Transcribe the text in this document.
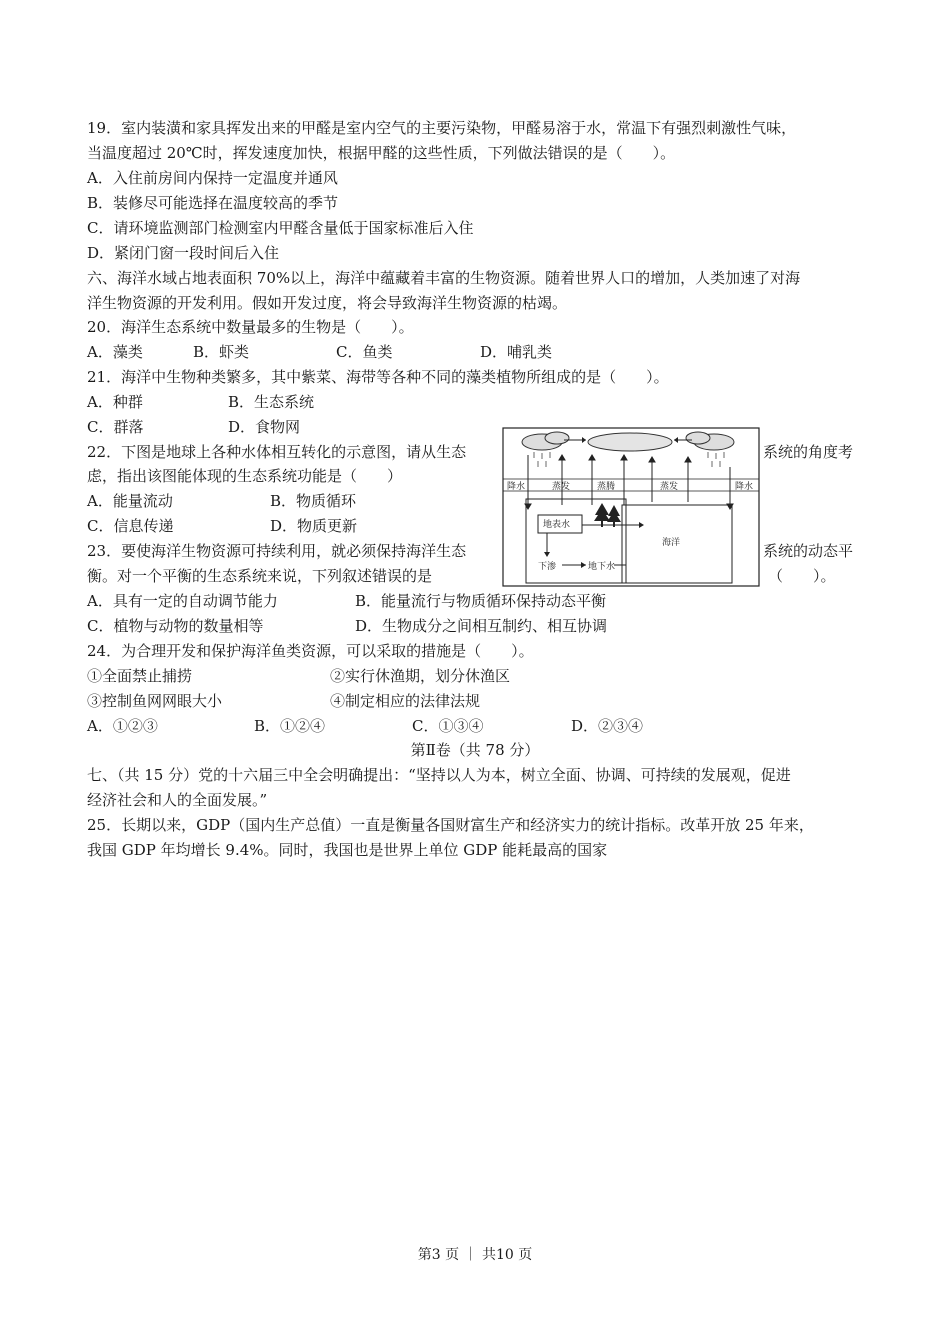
19．室内装潢和家具挥发出来的甲醛是室内空气的主要污染物，甲醛易溶于水，常温下有强烈刺激性气味，
当温度超过 20℃时，挥发速度加快，根据甲醛的这些性质，下列做法错误的是（　　）。
A．入住前房间内保持一定温度并通风
B．装修尽可能选择在温度较高的季节
C．请环境监测部门检测室内甲醛含量低于国家标准后入住
D．紧闭门窗一段时间后入住
六、海洋水域占地表面积 70%以上，海洋中蕴藏着丰富的生物资源。随着世界人口的增加，人类加速了对海
洋生物资源的开发利用。假如开发过度，将会导致海洋生物资源的枯竭。
20．海洋生态系统中数量最多的生物是（　　）。
A．藻类	B．虾类	C．鱼类	D．哺乳类
21．海洋中生物种类繁多，其中紫菜、海带等各种不同的藻类植物所组成的是（　　）。
A．种群	B．生态系统
C．群落	D．食物网
22．下图是地球上各种水体相互转化的示意图，请从生态	系统的角度考
虑，指出该图能体现的生态系统功能是（　　）
A．能量流动	B．物质循环
C．信息传递	D．物质更新
降水	蒸发	蒸腾	蒸发	降水
地表水
下渗	地下水
海洋
23．要使海洋生物资源可持续利用，就必须保持海洋生态	系统的动态平
衡。对一个平衡的生态系统来说，下列叙述错误的是	（　　）。
A．具有一定的自动调节能力	B．能量流行与物质循环保持动态平衡
C．植物与动物的数量相等	D．生物成分之间相互制约、相互协调
24．为合理开发和保护海洋鱼类资源，可以采取的措施是（　　）。
①全面禁止捕捞	②实行休渔期，划分休渔区
③控制鱼网网眼大小	④制定相应的法律法规
A．①②③	B．①②④	C．①③④	D．②③④
第Ⅱ卷（共 78 分）
七、（共 15 分）党的十六届三中全会明确提出：“坚持以人为本，树立全面、协调、可持续的发展观，促进
经济社会和人的全面发展。”
25．长期以来，GDP（国内生产总值）一直是衡量各国财富生产和经济实力的统计指标。改革开放 25 年来，
我国 GDP 年均增长 9.4%。同时，我国也是世界上单位 GDP 能耗最高的国家
第3 页 ｜ 共10 页
